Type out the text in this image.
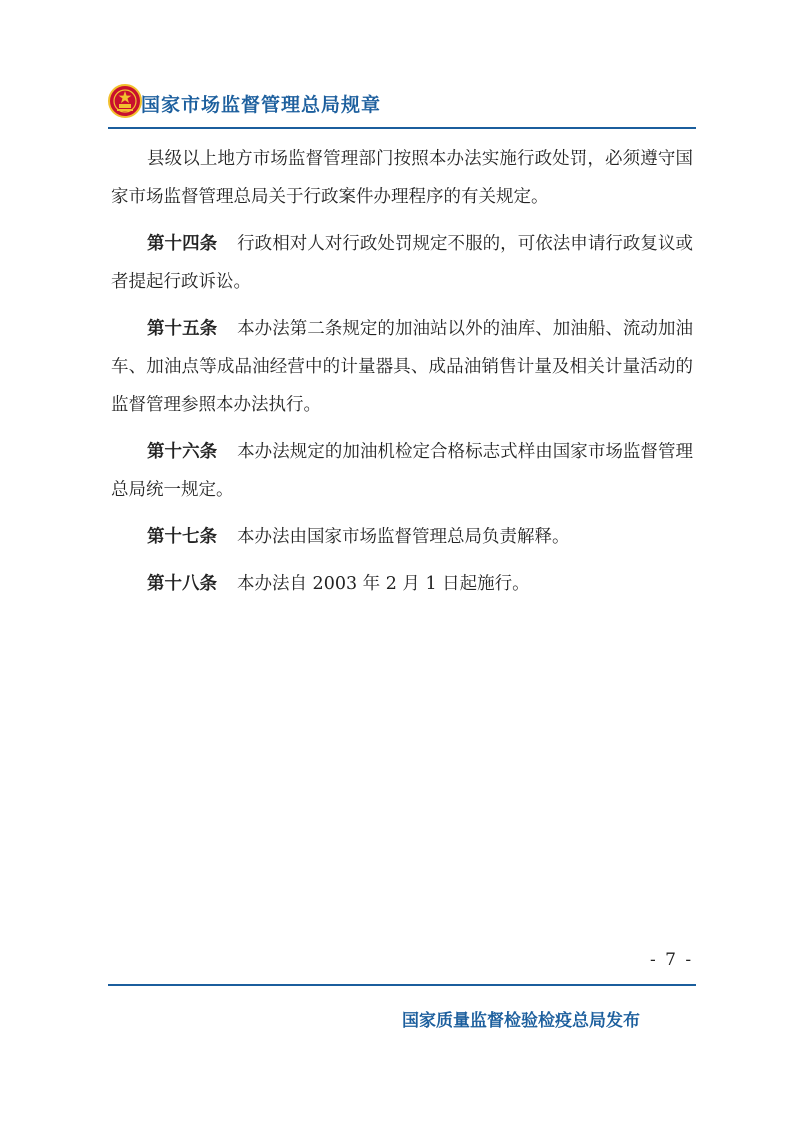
国家市场监督管理总局规章

县级以上地方市场监督管理部门按照本办法实施行政处罚，必须遵守国家市场监督管理总局关于行政案件办理程序的有关规定。

第十四条 行政相对人对行政处罚规定不服的，可依法申请行政复议或者提起行政诉讼。

第十五条 本办法第二条规定的加油站以外的油库、加油船、流动加油车、加油点等成品油经营中的计量器具、成品油销售计量及相关计量活动的监督管理参照本办法执行。

第十六条 本办法规定的加油机检定合格标志式样由国家市场监督管理总局统一规定。

第十七条 本办法由国家市场监督管理总局负责解释。

第十八条 本办法自 2003 年 2 月 1 日起施行。

- 7 -
国家质量监督检验检疫总局发布
